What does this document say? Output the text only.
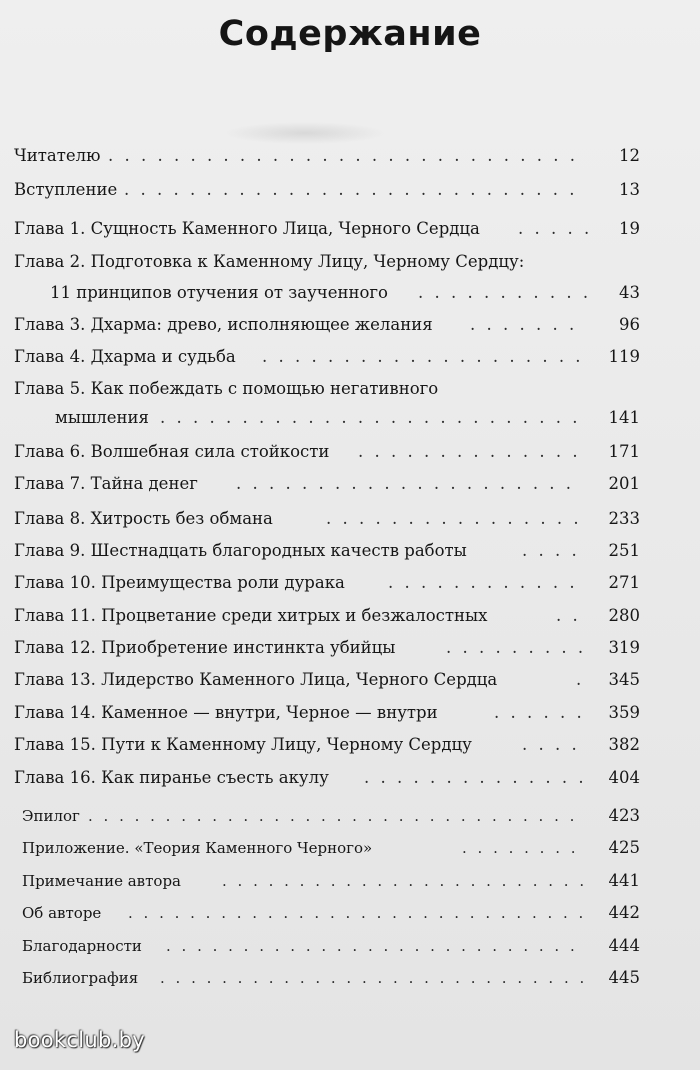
Содержание
Читателю . . .	12
Вступление . . .	13
Глава 1. Сущность Каменного Лица, Черного Сердца . . .	19
Глава 2. Подготовка к Каменному Лицу, Черному Сердцу:
11 принципов отучения от заученного . . .	43
Глава 3. Дхарма: древо, исполняющее желания . . .	96
Глава 4. Дхарма и судьба . . .	119
Глава 5. Как побеждать с помощью негативного
мышления . . .	141
Глава 6. Волшебная сила стойкости . . .	171
Глава 7. Тайна денег . . .	201
Глава 8. Хитрость без обмана . . .	233
Глава 9. Шестнадцать благородных качеств работы . . .	251
Глава 10. Преимущества роли дурака . . .	271
Глава 11. Процветание среди хитрых и безжалостных . . .	280
Глава 12. Приобретение инстинкта убийцы . . .	319
Глава 13. Лидерство Каменного Лица, Черного Сердца . . .	345
Глава 14. Каменное — внутри, Черное — внутри . . .	359
Глава 15. Пути к Каменному Лицу, Черному Сердцу . . .	382
Глава 16. Как пиранье съесть акулу . . .	404
Эпилог . . .	423
Приложение. «Теория Каменного Черного» . . .	425
Примечание автора . . .	441
Об авторе . . .	442
Благодарности . . .	444
Библиография . . .	445
bookclub.by
